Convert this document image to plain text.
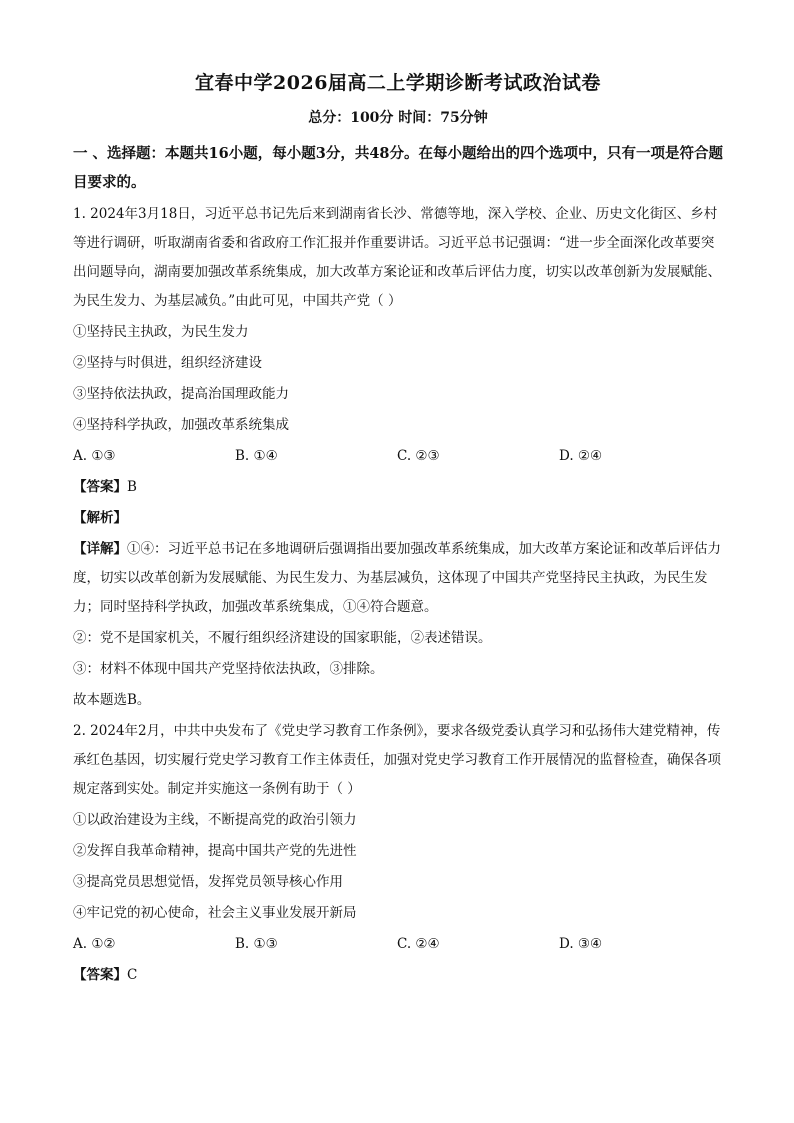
宜春中学2026届高二上学期诊断考试政治试卷
总分：100分 时间：75分钟
一 、选择题：本题共16小题，每小题3分，共48分。在每小题给出的四个选项中，只有一项是符合题目要求的。

1. 2024年3月18日，习近平总书记先后来到湖南省长沙、常德等地，深入学校、企业、历史文化街区、乡村等进行调研，听取湖南省委和省政府工作汇报并作重要讲话。习近平总书记强调：“进一步全面深化改革要突出问题导向，湖南要加强改革系统集成，加大改革方案论证和改革后评估力度，切实以改革创新为发展赋能、为民生发力、为基层减负。”由此可见，中国共产党（ ）

①坚持民主执政，为民生发力

②坚持与时俱进，组织经济建设

③坚持依法执政，提高治国理政能力

④坚持科学执政，加强改革系统集成

A. ①③	B. ①④	C. ②③	D. ②④

【答案】B

【解析】

【详解】①④：习近平总书记在多地调研后强调指出要加强改革系统集成，加大改革方案论证和改革后评估力度，切实以改革创新为发展赋能、为民生发力、为基层减负，这体现了中国共产党坚持民主执政，为民生发力；同时坚持科学执政，加强改革系统集成，①④符合题意。

②：党不是国家机关，不履行组织经济建设的国家职能，②表述错误。

③：材料不体现中国共产党坚持依法执政，③排除。

故本题选B。

2. 2024年2月，中共中央发布了《党史学习教育工作条例》，要求各级党委认真学习和弘扬伟大建党精神，传承红色基因，切实履行党史学习教育工作主体责任，加强对党史学习教育工作开展情况的监督检查，确保各项规定落到实处。制定并实施这一条例有助于（ ）

①以政治建设为主线，不断提高党的政治引领力

②发挥自我革命精神，提高中国共产党的先进性

③提高党员思想觉悟，发挥党员领导核心作用

④牢记党的初心使命，社会主义事业发展开新局

A. ①②	B. ①③	C. ②④	D. ③④

【答案】C
